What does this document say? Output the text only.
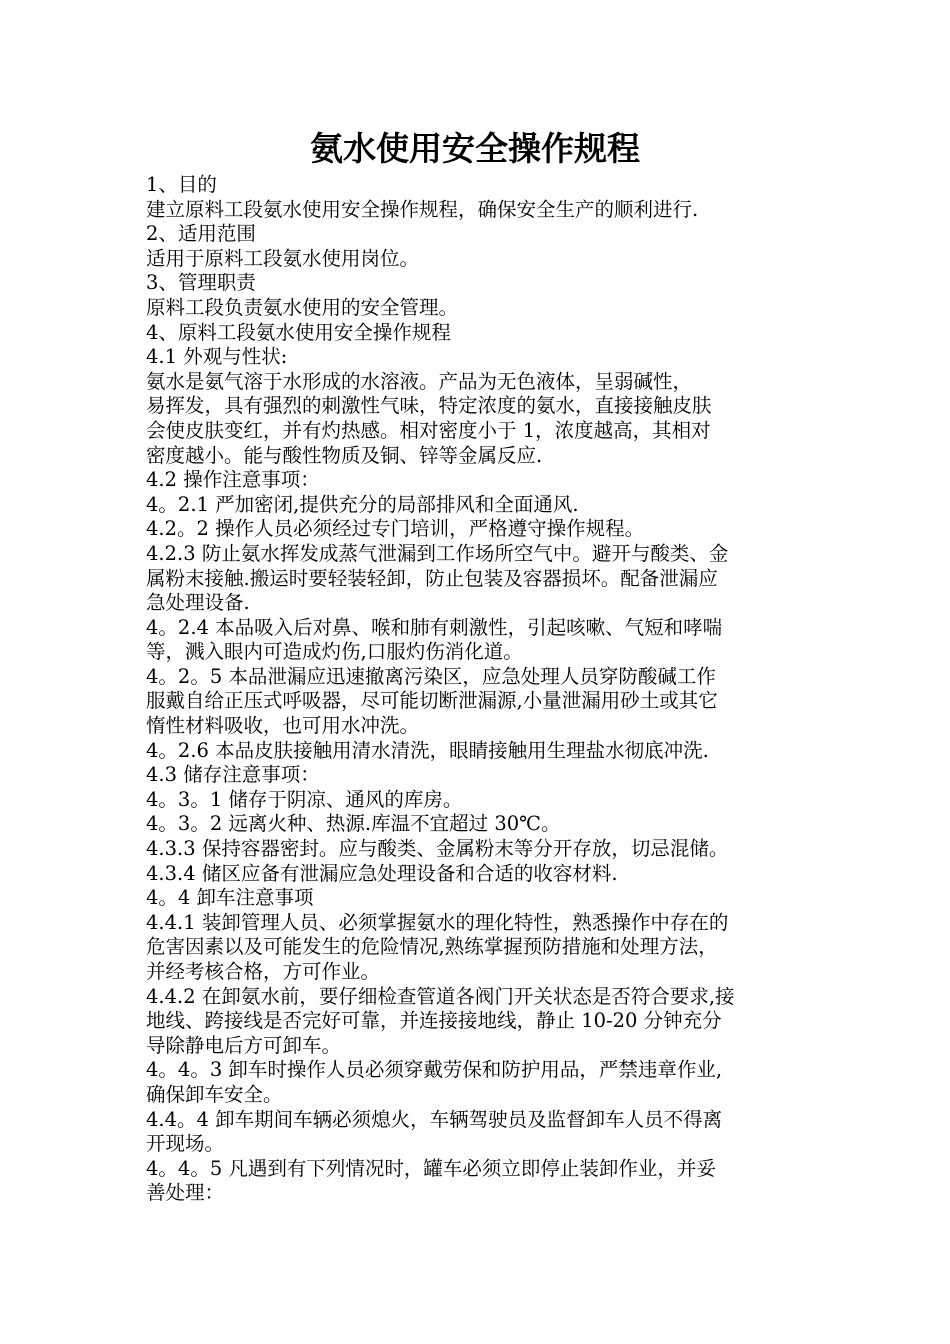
氨水使用安全操作规程

1、目的

建立原料工段氨水使用安全操作规程，确保安全生产的顺利进行.

2、适用范围

适用于原料工段氨水使用岗位。

3、管理职责

原料工段负责氨水使用的安全管理。

4、原料工段氨水使用安全操作规程

4.1 外观与性状:

氨水是氨气溶于水形成的水溶液。产品为无色液体，呈弱碱性，

易挥发，具有强烈的刺激性气味，特定浓度的氨水，直接接触皮肤

会使皮肤变红，并有灼热感。相对密度小于 1，浓度越高，其相对

密度越小。能与酸性物质及铜、锌等金属反应.

4.2 操作注意事项：

4。2.1 严加密闭,提供充分的局部排风和全面通风.

4.2。2 操作人员必须经过专门培训，严格遵守操作规程。

4.2.3 防止氨水挥发成蒸气泄漏到工作场所空气中。避开与酸类、金

属粉末接触.搬运时要轻装轻卸，防止包装及容器损坏。配备泄漏应

急处理设备.

4。2.4 本品吸入后对鼻、喉和肺有刺激性，引起咳嗽、气短和哮喘

等，溅入眼内可造成灼伤,口服灼伤消化道。

4。2。5 本品泄漏应迅速撤离污染区，应急处理人员穿防酸碱工作

服戴自给正压式呼吸器，尽可能切断泄漏源,小量泄漏用砂土或其它

惰性材料吸收，也可用水冲洗。

4。2.6 本品皮肤接触用清水清洗，眼睛接触用生理盐水彻底冲洗.

4.3 储存注意事项：

4。3。1 储存于阴凉、通风的库房。

4。3。2 远离火种、热源.库温不宜超过 30℃。

4.3.3 保持容器密封。应与酸类、金属粉末等分开存放，切忌混储。

4.3.4 储区应备有泄漏应急处理设备和合适的收容材料.

4。4 卸车注意事项

4.4.1 装卸管理人员、必须掌握氨水的理化特性，熟悉操作中存在的

危害因素以及可能发生的危险情况,熟练掌握预防措施和处理方法，

并经考核合格，方可作业。

4.4.2 在卸氨水前，要仔细检查管道各阀门开关状态是否符合要求,接

地线、跨接线是否完好可靠，并连接接地线，静止 10-20 分钟充分

导除静电后方可卸车。

4。4。3 卸车时操作人员必须穿戴劳保和防护用品，严禁违章作业,

确保卸车安全。

4.4。4 卸车期间车辆必须熄火，车辆驾驶员及监督卸车人员不得离

开现场。

4。4。5 凡遇到有下列情况时，罐车必须立即停止装卸作业，并妥

善处理：
